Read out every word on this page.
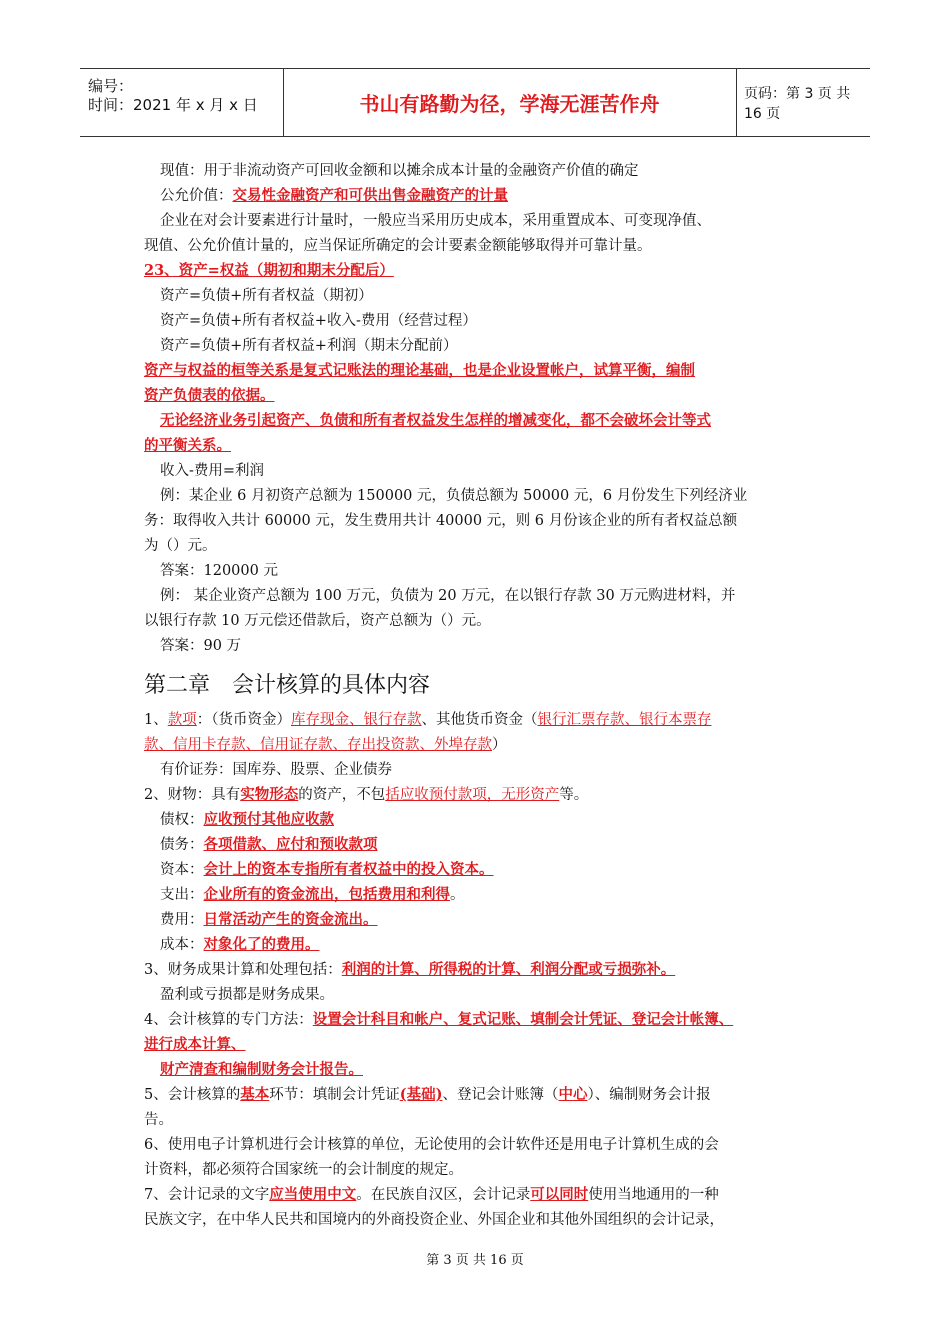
编号：
时间：2021 年 x 月 x 日	书山有路勤为径，学海无涯苦作舟	页码：第 3 页 共 16 页
现值：用于非流动资产可回收金额和以摊余成本计量的金融资产价值的确定
公允价值：交易性金融资产和可供出售金融资产的计量
企业在对会计要素进行计量时，一般应当采用历史成本，采用重置成本、可变现净值、
现值、公允价值计量的，应当保证所确定的会计要素金额能够取得并可靠计量。
23、资产=权益（期初和期末分配后）
资产=负债+所有者权益（期初）
资产=负债+所有者权益+收入-费用（经营过程）
资产=负债+所有者权益+利润（期末分配前）
资产与权益的桓等关系是复式记账法的理论基础，也是企业设置帐户，试算平衡，编制
资产负债表的依据。
无论经济业务引起资产、负债和所有者权益发生怎样的增减变化，都不会破坏会计等式
的平衡关系。
收入-费用=利润
例：某企业 6 月初资产总额为 150000 元，负债总额为 50000 元，6 月份发生下列经济业
务：取得收入共计 60000 元，发生费用共计 40000 元，则 6 月份该企业的所有者权益总额
为（）元。
答案：120000 元
例： 某企业资产总额为 100 万元，负债为 20 万元，在以银行存款 30 万元购进材料，并
以银行存款 10 万元偿还借款后，资产总额为（）元。
答案：90 万
第二章　会计核算的具体内容
1、款项：（货币资金）库存现金、银行存款、其他货币资金（银行汇票存款、银行本票存
款、信用卡存款、信用证存款、存出投资款、外埠存款）
有价证券：国库券、股票、企业债券
2、财物：具有实物形态的资产，不包括应收预付款项，无形资产等。
债权：应收预付其他应收款
债务：各项借款、应付和预收款项
资本：会计上的资本专指所有者权益中的投入资本。
支出：企业所有的资金流出，包括费用和利得。
费用：日常活动产生的资金流出。
成本：对象化了的费用。
3、财务成果计算和处理包括：利润的计算、所得税的计算、利润分配或亏损弥补。
盈利或亏损都是财务成果。
4、会计核算的专门方法：设置会计科目和帐户、复式记账、填制会计凭证、登记会计帐簿、
进行成本计算、
财产清查和编制财务会计报告。
5、会计核算的基本环节：填制会计凭证(基础)、登记会计账簿（中心）、编制财务会计报
告。
6、使用电子计算机进行会计核算的单位，无论使用的会计软件还是用电子计算机生成的会
计资料，都必须符合国家统一的会计制度的规定。
7、会计记录的文字应当使用中文。在民族自汉区，会计记录可以同时使用当地通用的一种
民族文字，在中华人民共和国境内的外商投资企业、外国企业和其他外国组织的会计记录，
第 3 页 共 16 页
